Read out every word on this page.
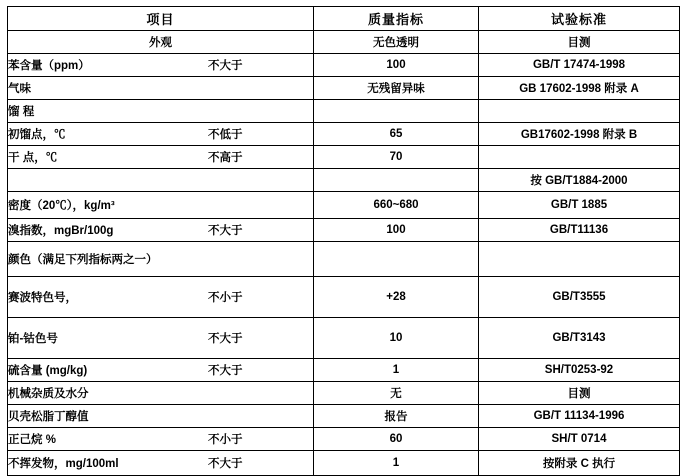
项目	质量指标	试验标准
外观	无色透明	目测
苯含量（ppm） 不大于	100	GB/T 17474-1998
气味	无残留异味	GB 17602-1998 附录 A
馏 程

初馏点，℃ 不低于	65	GB17602-1998 附录 B
干 点，℃ 不高于	70	

		按 GB/T1884-2000
密度（20℃），kg/m³	660~680	GB/T 1885
溴指数，mgBr/100g 不大于	100	GB/T11136
颜色（满足下列指标两之一）

赛波特色号， 不小于	+28	GB/T3555
铂-钴色号 不大于	10	GB/T3143
硫含量 (mg/kg) 不大于	1	SH/T0253-92
机械杂质及水分	无	目测
贝壳松脂丁醇值	报告	GB/T 11134-1996
正己烷 % 不小于	60	SH/T 0714
不挥发物，mg/100ml 不大于	1	按附录 C 执行
